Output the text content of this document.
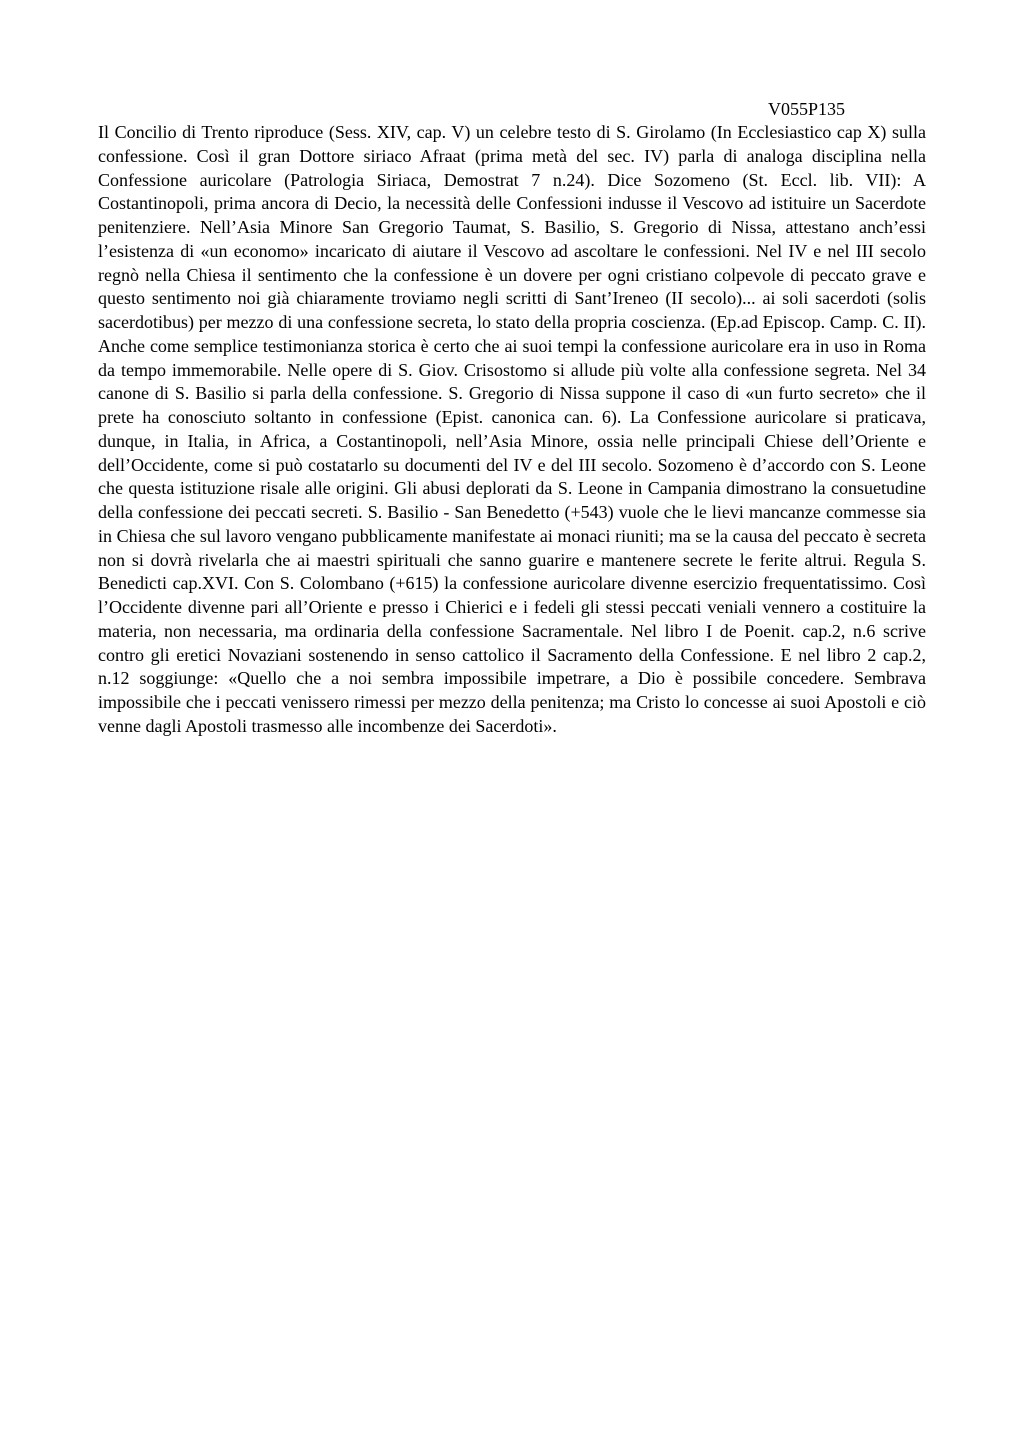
V055P135

Il Concilio di Trento riproduce (Sess. XIV, cap. V) un celebre testo di S. Girolamo (In Ecclesiastico cap X) sulla confessione. Così il gran Dottore siriaco Afraat (prima metà del sec. IV) parla di analoga disciplina nella Confessione auricolare (Patrologia Siriaca, Demostrat 7 n.24). Dice Sozomeno (St. Eccl. lib. VII): A Costantinopoli, prima ancora di Decio, la necessità delle Confessioni indusse il Vescovo ad istituire un Sacerdote penitenziere. Nell’Asia Minore San Gregorio Taumat, S. Basilio, S. Gregorio di Nissa, attestano anch’essi l’esistenza di «un economo» incaricato di aiutare il Vescovo ad ascoltare le confessioni. Nel IV e nel III secolo regnò nella Chiesa il sentimento che la confessione è un dovere per ogni cristiano colpevole di peccato grave e questo sentimento noi già chiaramente troviamo negli scritti di Sant’Ireneo (II secolo)... ai soli sacerdoti (solis sacerdotibus) per mezzo di una confessione secreta, lo stato della propria coscienza. (Ep.ad Episcop. Camp. C. II). Anche come semplice testimonianza storica è certo che ai suoi tempi la confessione auricolare era in uso in Roma da tempo immemorabile. Nelle opere di S. Giov. Crisostomo si allude più volte alla confessione segreta. Nel 34 canone di S. Basilio si parla della confessione. S. Gregorio di Nissa suppone il caso di «un furto secreto» che il prete ha conosciuto soltanto in confessione (Epist. canonica can. 6). La Confessione auricolare si praticava, dunque, in Italia, in Africa, a Costantinopoli, nell’Asia Minore, ossia nelle principali Chiese dell’Oriente e dell’Occidente, come si può costatarlo su documenti del IV e del III secolo. Sozomeno è d’accordo con S. Leone che questa istituzione risale alle origini. Gli abusi deplorati da S. Leone in Campania dimostrano la consuetudine della confessione dei peccati secreti. S. Basilio - San Benedetto (+543) vuole che le lievi mancanze commesse sia in Chiesa che sul lavoro vengano pubblicamente manifestate ai monaci riuniti; ma se la causa del peccato è secreta non si dovrà rivelarla che ai maestri spirituali che sanno guarire e mantenere secrete le ferite altrui. Regula S. Benedicti cap.XVI. Con S. Colombano (+615) la confessione auricolare divenne esercizio frequentatissimo. Così l’Occidente divenne pari all’Oriente e presso i Chierici e i fedeli gli stessi peccati veniali vennero a costituire la materia, non necessaria, ma ordinaria della confessione Sacramentale. Nel libro I de Poenit. cap.2, n.6 scrive contro gli eretici Novaziani sostenendo in senso cattolico il Sacramento della Confessione. E nel libro 2 cap.2, n.12 soggiunge: «Quello che a noi sembra impossibile impetrare, a Dio è possibile concedere. Sembrava impossibile che i peccati venissero rimessi per mezzo della penitenza; ma Cristo lo concesse ai suoi Apostoli e ciò venne dagli Apostoli trasmesso alle incombenze dei Sacerdoti».
